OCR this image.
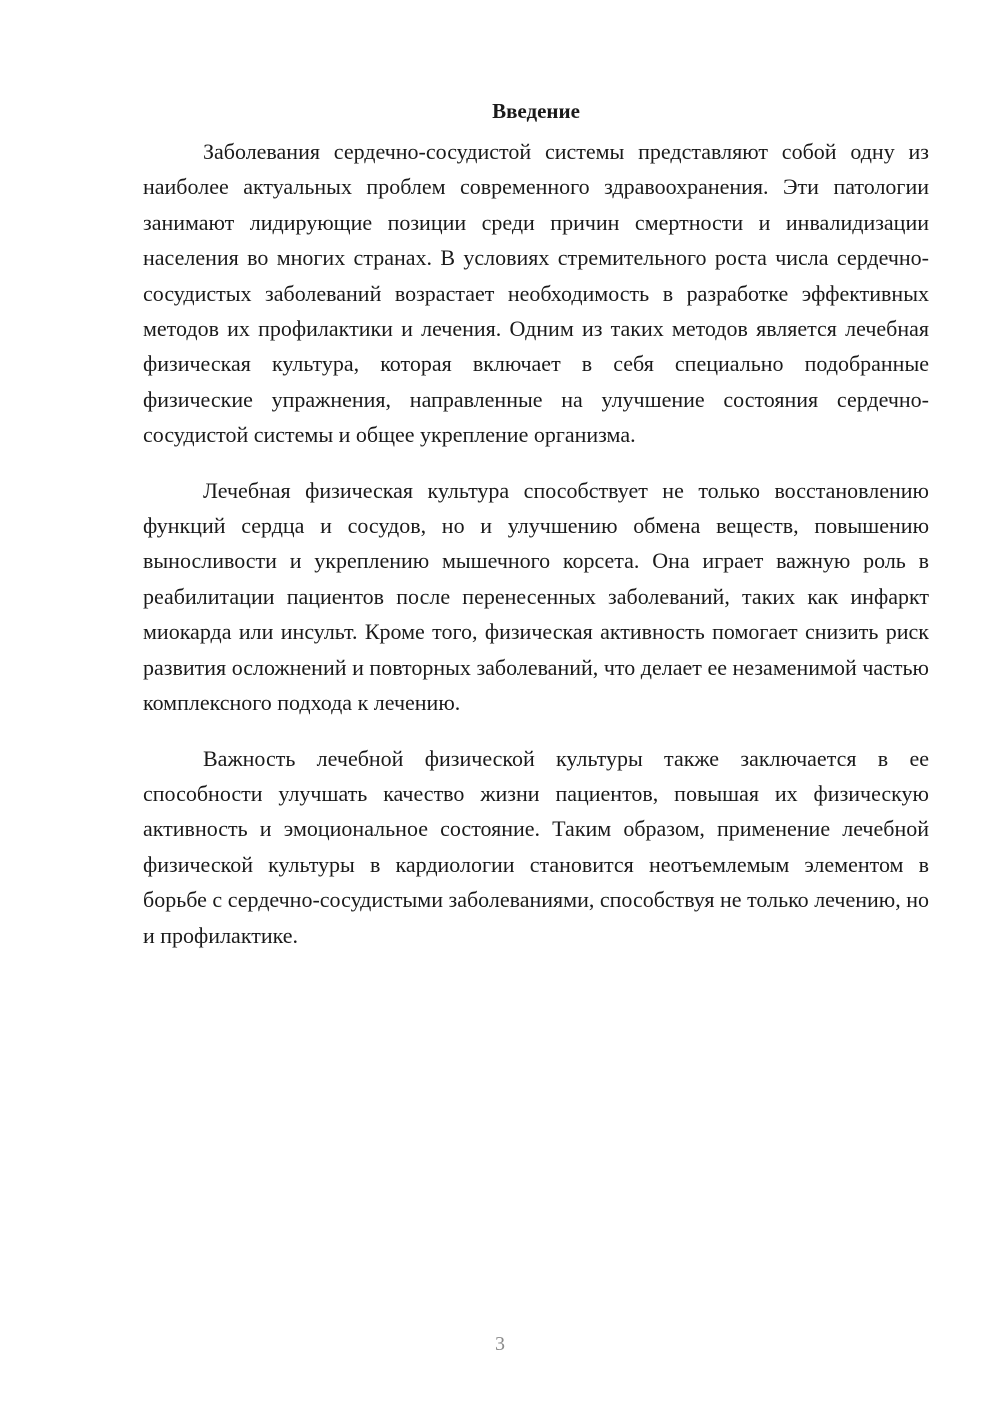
Введение

Заболевания сердечно-сосудистой системы представляют собой одну из наиболее актуальных проблем современного здравоохранения. Эти патологии занимают лидирующие позиции среди причин смертности и инвалидизации населения во многих странах. В условиях стремительного роста числа сердечно-сосудистых заболеваний возрастает необходимость в разработке эффективных методов их профилактики и лечения. Одним из таких методов является лечебная физическая культура, которая включает в себя специально подобранные физические упражнения, направленные на улучшение состояния сердечно-сосудистой системы и общее укрепление организма.

Лечебная физическая культура способствует не только восстановлению функций сердца и сосудов, но и улучшению обмена веществ, повышению выносливости и укреплению мышечного корсета. Она играет важную роль в реабилитации пациентов после перенесенных заболеваний, таких как инфаркт миокарда или инсульт. Кроме того, физическая активность помогает снизить риск развития осложнений и повторных заболеваний, что делает ее незаменимой частью комплексного подхода к лечению.

Важность лечебной физической культуры также заключается в ее способности улучшать качество жизни пациентов, повышая их физическую активность и эмоциональное состояние. Таким образом, применение лечебной физической культуры в кардиологии становится неотъемлемым элементом в борьбе с сердечно-сосудистыми заболеваниями, способствуя не только лечению, но и профилактике.

3
